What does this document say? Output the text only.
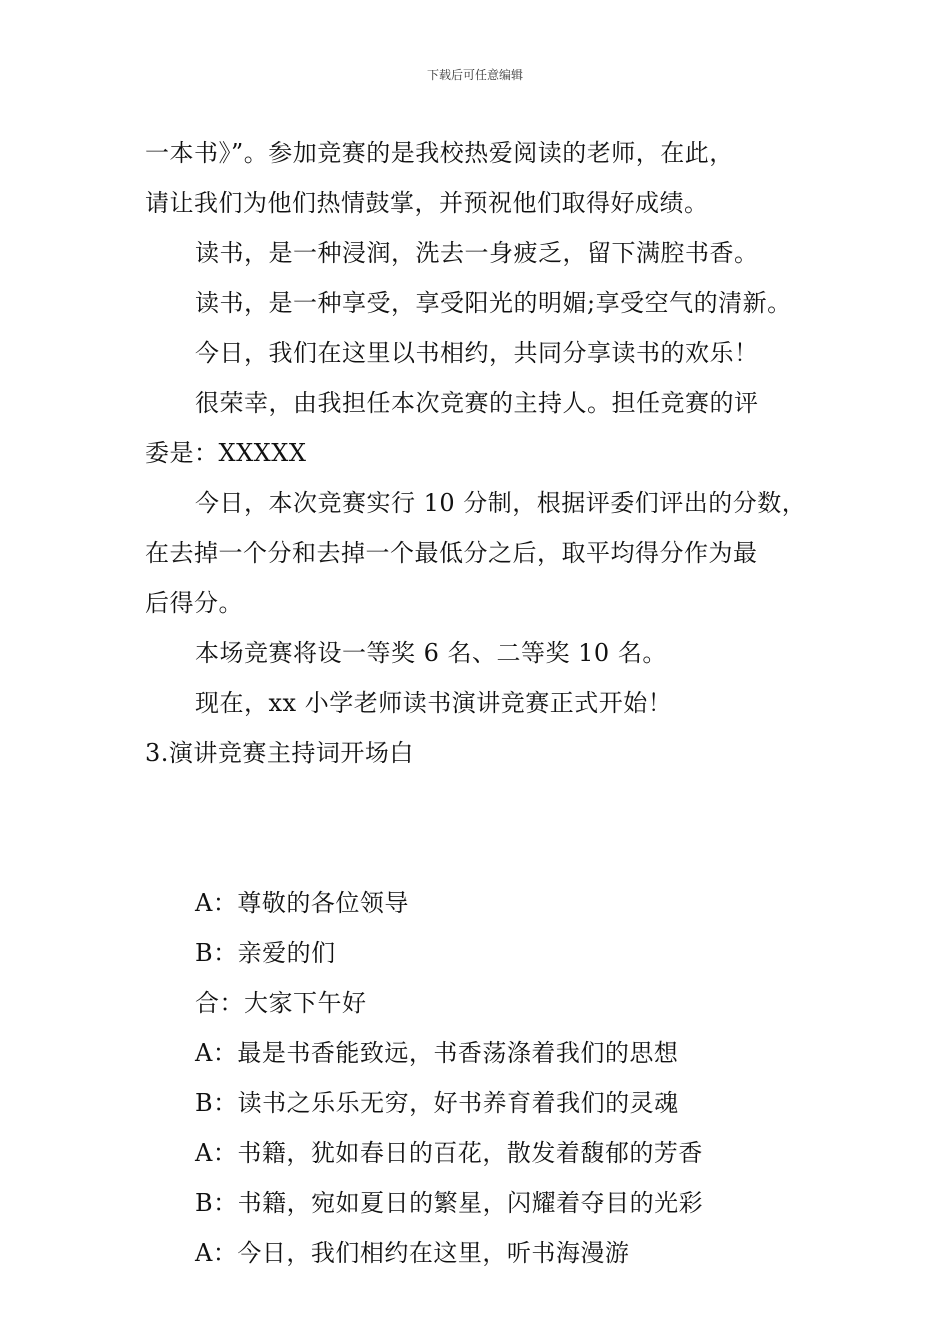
下载后可任意编辑
一本书》”。参加竞赛的是我校热爱阅读的老师，在此，
请让我们为他们热情鼓掌，并预祝他们取得好成绩。
读书，是一种浸润，洗去一身疲乏，留下满腔书香。
读书，是一种享受，享受阳光的明媚;享受空气的清新。
今日，我们在这里以书相约，共同分享读书的欢乐！
很荣幸，由我担任本次竞赛的主持人。担任竞赛的评
委是：XXXXX
今日，本次竞赛实行 10 分制，根据评委们评出的分数，
在去掉一个分和去掉一个最低分之后，取平均得分作为最
后得分。
本场竞赛将设一等奖 6 名、二等奖 10 名。
现在，xx 小学老师读书演讲竞赛正式开始！
3.演讲竞赛主持词开场白
A：尊敬的各位领导
B：亲爱的们
合：大家下午好
A：最是书香能致远，书香荡涤着我们的思想
B：读书之乐乐无穷，好书养育着我们的灵魂
A：书籍，犹如春日的百花，散发着馥郁的芳香
B：书籍，宛如夏日的繁星，闪耀着夺目的光彩
A：今日，我们相约在这里，听书海漫游
